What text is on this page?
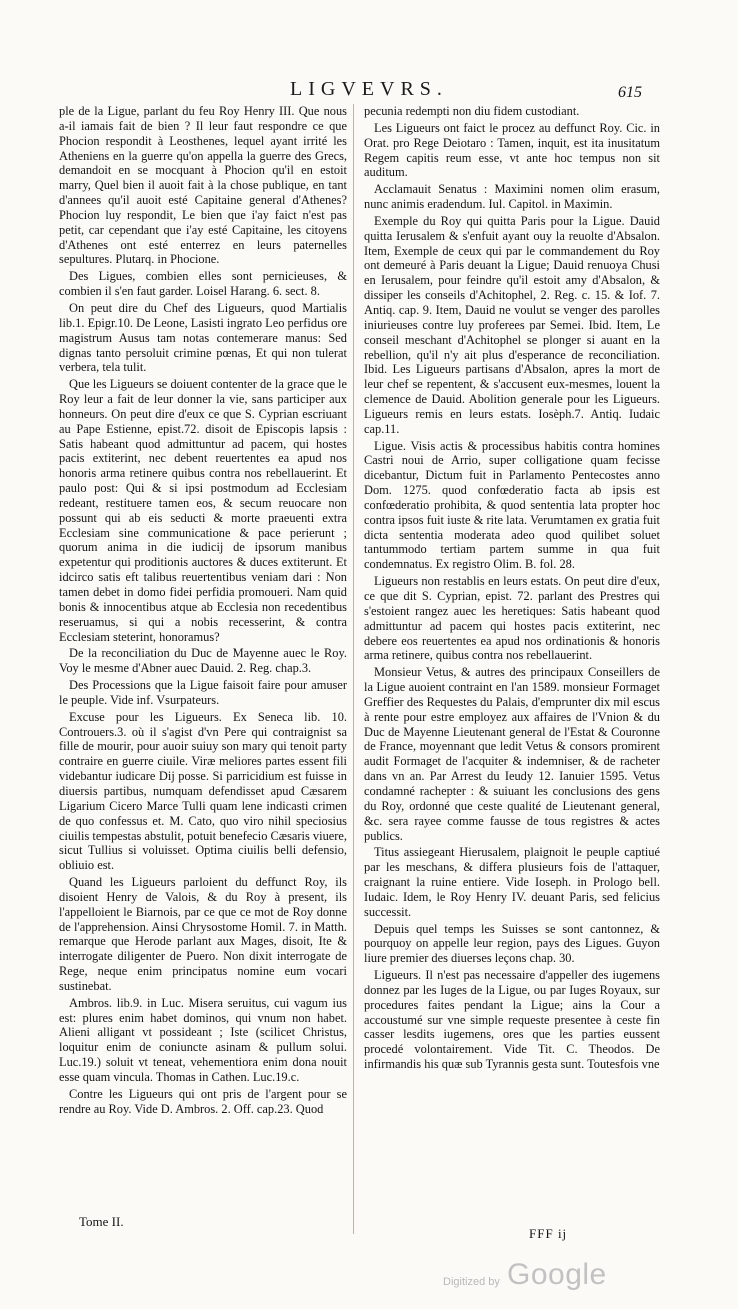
LIGVEVRS.	615

ple de la Ligue, parlant du feu Roy Henry III. Que nous a-il iamais fait de bien ? Il leur faut respondre ce que Phocion respondit à Leosthenes, lequel ayant irrité les Atheniens en la guerre qu'on appella la guerre des Grecs, demandoit en se mocquant à Phocion qu'il en estoit marry, Quel bien il auoit fait à la chose publique, en tant d'annees qu'il auoit esté Capitaine general d'Athenes? Phocion luy respondit, Le bien que i'ay faict n'est pas petit, car cependant que i'ay esté Capitaine, les citoyens d'Athenes ont esté enterrez en leurs paternelles sepultures. Plutarq. in Phocione.

Des Ligues, combien elles sont pernicieuses, & combien il s'en faut garder. Loisel Harang. 6. sect. 8.

On peut dire du Chef des Ligueurs, quod Martialis lib.1. Epigr.10. De Leone, Lasisti ingrato Leo perfidus ore magistrum Ausus tam notas contemerare manus: Sed dignas tanto persoluit crimine pœnas, Et qui non tulerat verbera, tela tulit.

Que les Ligueurs se doiuent contenter de la grace que le Roy leur a fait de leur donner la vie, sans participer aux honneurs. On peut dire d'eux ce que S. Cyprian escriuant au Pape Estienne, epist.72. disoit de Episcopis lapsis : Satis habeant quod admittuntur ad pacem, qui hostes pacis extiterint, nec debent reuertentes ea apud nos honoris arma retinere quibus contra nos rebellauerint. Et paulo post: Qui & si ipsi postmodum ad Ecclesiam redeant, restituere tamen eos, & secum reuocare non possunt qui ab eis seducti & morte praeuenti extra Ecclesiam sine communicatione & pace perierunt ; quorum anima in die iudicij de ipsorum manibus expetentur qui proditionis auctores & duces extiterunt. Et idcirco satis eft talibus reuertentibus veniam dari : Non tamen debet in domo fidei perfidia promoueri. Nam quid bonis & innocentibus atque ab Ecclesia non recedentibus reseruamus, si qui a nobis recesserint, & contra Ecclesiam steterint, honoramus?

De la reconciliation du Duc de Mayenne auec le Roy. Voy le mesme d'Abner auec Dauid. 2. Reg. chap.3.

Des Processions que la Ligue faisoit faire pour amuser le peuple. Vide inf. Vsurpateurs.

Excuse pour les Ligueurs. Ex Seneca lib. 10. Controuers.3. où il s'agist d'vn Pere qui contraignist sa fille de mourir, pour auoir suiuy son mary qui tenoit party contraire en guerre ciuile. Viræ meliores partes essent fili videbantur iudicare Dij posse. Si parricidium est fuisse in diuersis partibus, numquam defendisset apud Cæsarem Ligarium Cicero Marce Tulli quam lene indicasti crimen de quo confessus et. M. Cato, quo viro nihil speciosius ciuilis tempestas abstulit, potuit benefecio Cæsaris viuere, sicut Tullius si voluisset. Optima ciuilis belli defensio, obliuio est.

Quand les Ligueurs parloient du deffunct Roy, ils disoient Henry de Valois, & du Roy à present, ils l'appelloient le Biarnois, par ce que ce mot de Roy donne de l'apprehension. Ainsi Chrysostome Homil. 7. in Matth. remarque que Herode parlant aux Mages, disoit, Ite & interrogate diligenter de Puero. Non dixit interrogate de Rege, neque enim principatus nomine eum vocari sustinebat.

Ambros. lib.9. in Luc. Misera seruitus, cui vagum ius est: plures enim habet dominos, qui vnum non habet. Alieni alligant vt possideant ; Iste (scilicet Christus, loquitur enim de coniuncte asinam & pullum solui. Luc.19.) soluit vt teneat, vehementiora enim dona nouit esse quam vincula. Thomas in Cathen. Luc.19.c.

Contre les Ligueurs qui ont pris de l'argent pour se rendre au Roy. Vide D. Ambros. 2. Off. cap.23. Quod

pecunia redempti non diu fidem custodiant.

Les Ligueurs ont faict le procez au deffunct Roy. Cic. in Orat. pro Rege Deiotaro : Tamen, inquit, est ita inusitatum Regem capitis reum esse, vt ante hoc tempus non sit auditum.

Acclamauit Senatus : Maximini nomen olim erasum, nunc animis eradendum. Iul. Capitol. in Maximin.

Exemple du Roy qui quitta Paris pour la Ligue. Dauid quitta Ierusalem & s'enfuit ayant ouy la reuolte d'Absalon. Item, Exemple de ceux qui par le commandement du Roy ont demeuré à Paris deuant la Ligue; Dauid renuoya Chusi en Ierusalem, pour feindre qu'il estoit amy d'Absalon, & dissiper les conseils d'Achitophel, 2. Reg. c. 15. & Iof. 7. Antiq. cap. 9. Item, Dauid ne voulut se venger des parolles iniurieuses contre luy proferees par Semei. Ibid. Item, Le conseil meschant d'Achitophel se plonger si auant en la rebellion, qu'il n'y ait plus d'esperance de reconciliation. Ibid. Les Ligueurs partisans d'Absalon, apres la mort de leur chef se repentent, & s'accusent eux-mesmes, louent la clemence de Dauid. Abolition generale pour les Ligueurs. Ligueurs remis en leurs estats. Iosèph.7. Antiq. Iudaic cap.11.

Ligue. Visis actis & processibus habitis contra homines Castri noui de Arrio, super colligatione quam fecisse dicebantur, Dictum fuit in Parlamento Pentecostes anno Dom. 1275. quod confœderatio facta ab ipsis est confœderatio prohibita, & quod sententia lata propter hoc contra ipsos fuit iuste & rite lata. Verumtamen ex gratia fuit dicta sententia moderata adeo quod quilibet soluet tantummodo tertiam partem summe in qua fuit condemnatus. Ex registro Olim. B. fol. 28.

Ligueurs non restablis en leurs estats. On peut dire d'eux, ce que dit S. Cyprian, epist. 72. parlant des Prestres qui s'estoient rangez auec les heretiques: Satis habeant quod admittuntur ad pacem qui hostes pacis extiterint, nec debere eos reuertentes ea apud nos ordinationis & honoris arma retinere, quibus contra nos rebellauerint.

Monsieur Vetus, & autres des principaux Conseillers de la Ligue auoient contraint en l'an 1589. monsieur Formaget Greffier des Requestes du Palais, d'emprunter dix mil escus à rente pour estre employez aux affaires de l'Vnion & du Duc de Mayenne Lieutenant general de l'Estat & Couronne de France, moyennant que ledit Vetus & consors promirent audit Formaget de l'acquiter & indemniser, & de racheter dans vn an. Par Arrest du Ieudy 12. Ianuier 1595. Vetus condamné rachepter : & suiuant les conclusions des gens du Roy, ordonné que ceste qualité de Lieutenant general, &c. sera rayee comme fausse de tous registres & actes publics.

Titus assiegeant Hierusalem, plaignoit le peuple captiué par les meschans, & differa plusieurs fois de l'attaquer, craignant la ruine entiere. Vide Ioseph. in Prologo bell. Iudaic. Idem, le Roy Henry IV. deuant Paris, sed felicius successit.

Depuis quel temps les Suisses se sont cantonnez, & pourquoy on appelle leur region, pays des Ligues. Guyon liure premier des diuerses leçons chap. 30.

Ligueurs. Il n'est pas necessaire d'appeller des iugemens donnez par les Iuges de la Ligue, ou par Iuges Royaux, sur procedures faites pendant la Ligue; ains la Cour a accoustumé sur vne simple requeste presentee à ceste fin casser lesdits iugemens, ores que les parties eussent procedé volontairement. Vide Tit. C. Theodos. De infirmandis his quæ sub Tyrannis gesta sunt. Toutesfois vne

Tome II.
FFF ij
Digitized by Google
